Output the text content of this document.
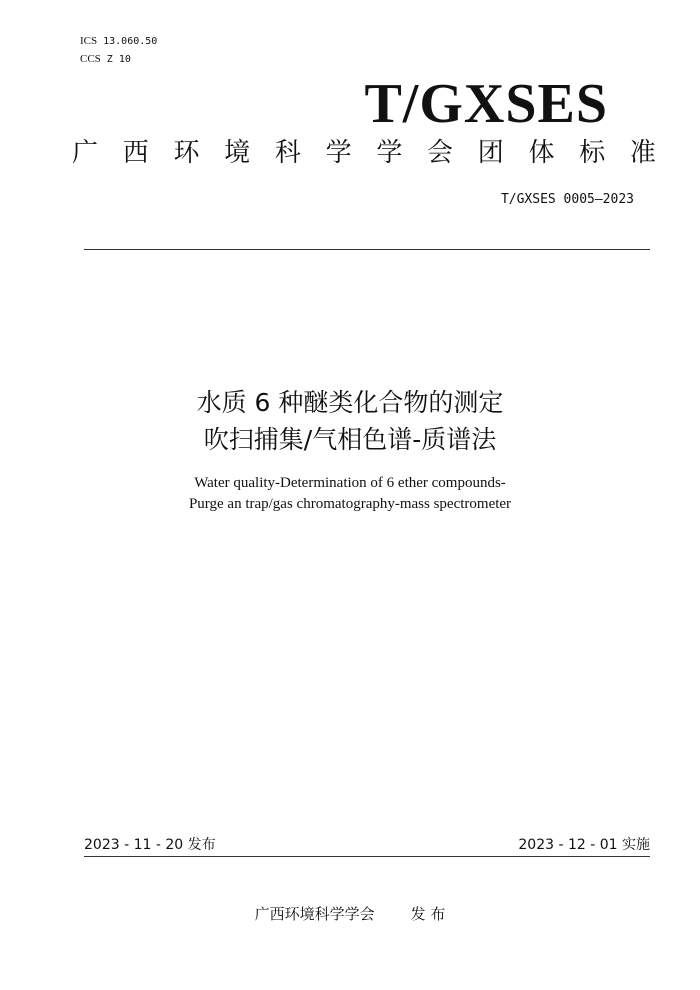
ICS 13.060.50
CCS Z 10
T/GXSES
广 西 环 境 科 学 学 会 团 体 标 准
T/GXSES 0005—2023
水质 6 种醚类化合物的测定
吹扫捕集/气相色谱-质谱法
Water quality-Determination of 6 ether compounds-
Purge an trap/gas chromatography-mass spectrometer
2023 - 11 - 20 发布	2023 - 12 - 01 实施
广西环境科学学会 发 布
